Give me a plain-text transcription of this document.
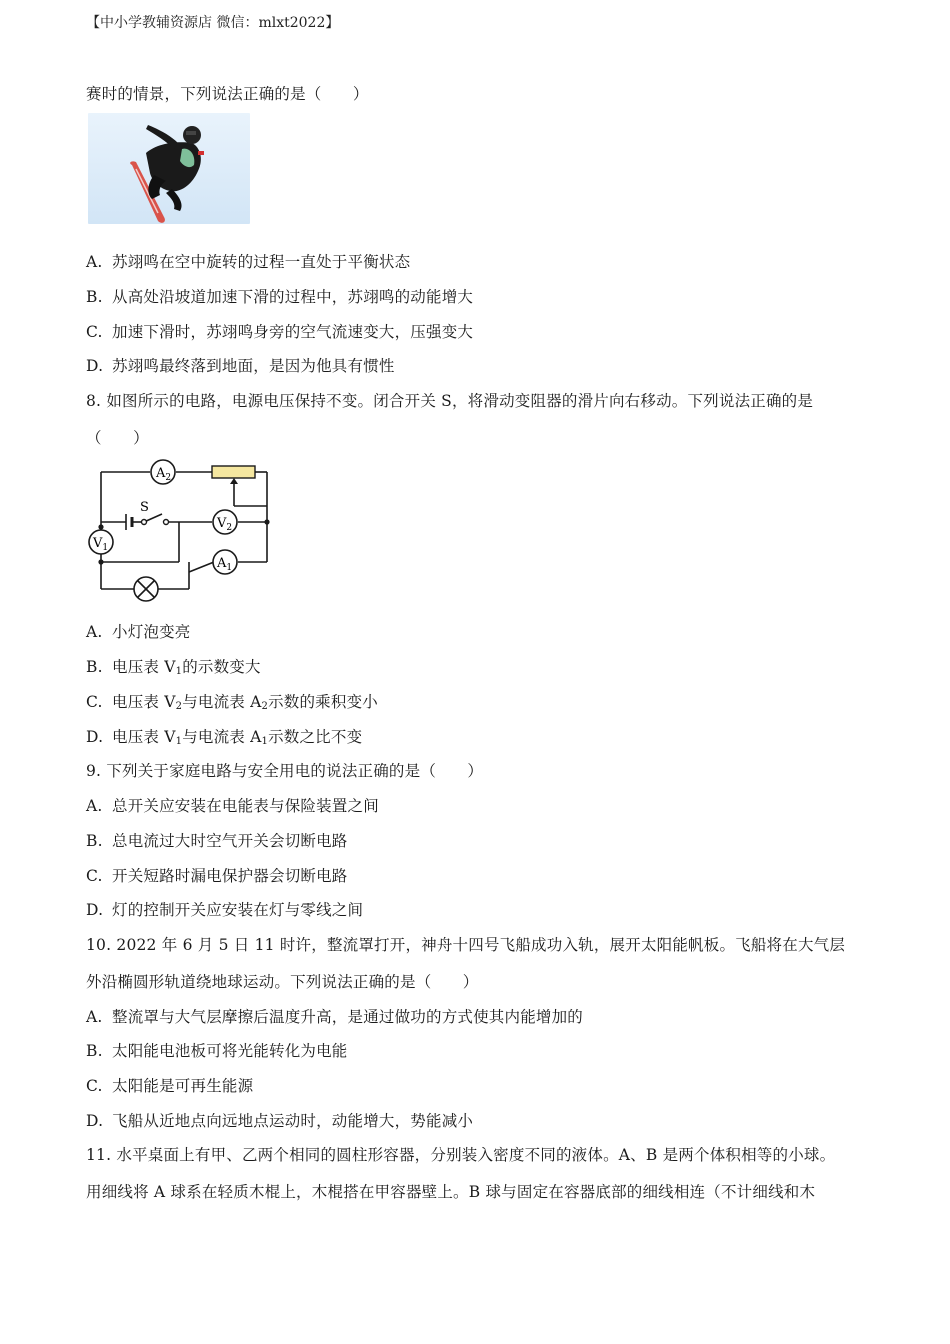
【中小学教辅资源店 微信：mlxt2022】
赛时的情景，下列说法正确的是（　　）
A. 苏翊鸣在空中旋转的过程一直处于平衡状态
B. 从高处沿坡道加速下滑的过程中，苏翊鸣的动能增大
C. 加速下滑时，苏翊鸣身旁的空气流速变大，压强变大
D. 苏翊鸣最终落到地面，是因为他具有惯性
8. 如图所示的电路，电源电压保持不变。闭合开关 S，将滑动变阻器的滑片向右移动。下列说法正确的是
（　　）
$A_2$
$V_2$
$V_1$
$A_1$
S
A. 小灯泡变亮
B. 电压表 $V_1$的示数变大
C. 电压表 $V_2$与电流表 $A_2$示数的乘积变小
D. 电压表 $V_1$与电流表 $A_1$示数之比不变
9. 下列关于家庭电路与安全用电的说法正确的是（　　）
A. 总开关应安装在电能表与保险装置之间
B. 总电流过大时空气开关会切断电路
C. 开关短路时漏电保护器会切断电路
D. 灯的控制开关应安装在灯与零线之间
10. 2022 年 6 月 5 日 11 时许，整流罩打开，神舟十四号飞船成功入轨，展开太阳能帆板。飞船将在大气层
外沿椭圆形轨道绕地球运动。下列说法正确的是（　　）
A. 整流罩与大气层摩擦后温度升高，是通过做功的方式使其内能增加的
B. 太阳能电池板可将光能转化为电能
C. 太阳能是可再生能源
D. 飞船从近地点向远地点运动时，动能增大，势能减小
11. 水平桌面上有甲、乙两个相同的圆柱形容器，分别装入密度不同的液体。A、B 是两个体积相等的小球。
用细线将 A 球系在轻质木棍上，木棍搭在甲容器壁上。B 球与固定在容器底部的细线相连（不计细线和木
